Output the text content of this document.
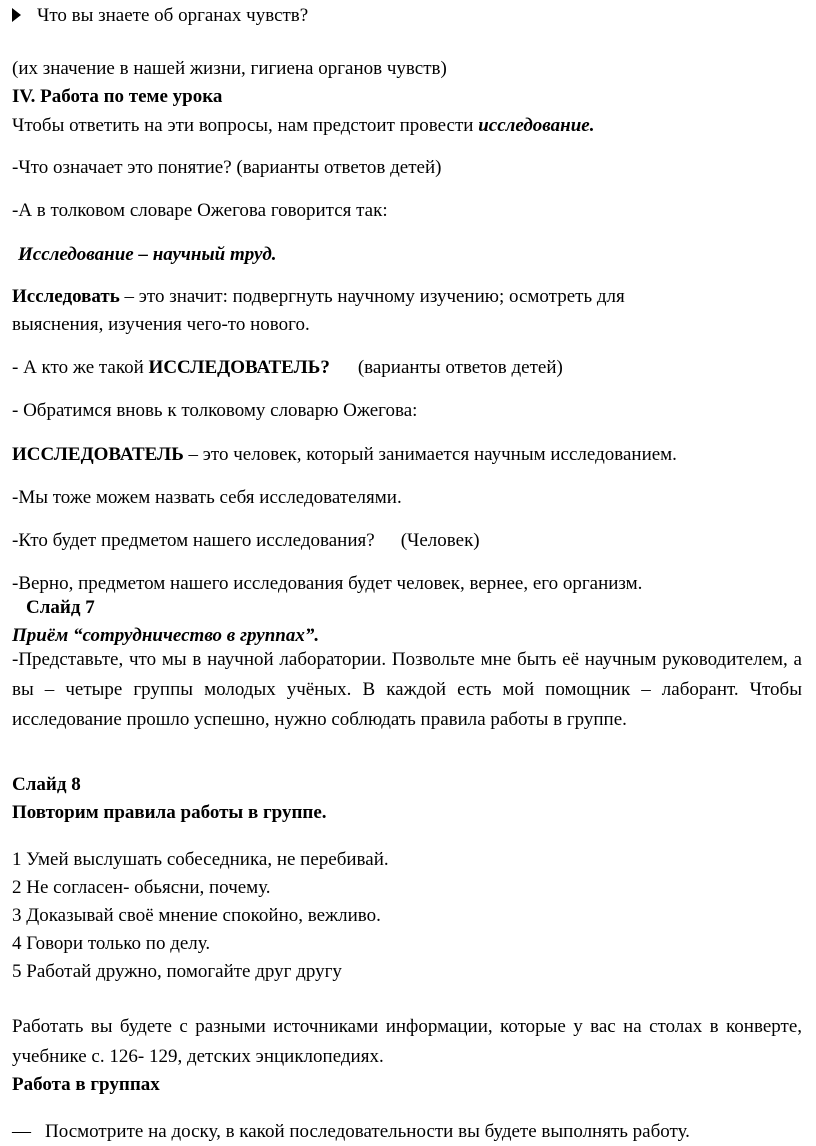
Что вы знаете об органах чувств?
(их значение в нашей жизни, гигиена органов чувств)
IV. Работа по теме урока
Чтобы ответить на эти вопросы, нам предстоит провести исследование.
-Что означает это понятие? (варианты ответов детей)
-А в толковом словаре Ожегова говорится так:
Исследование – научный труд.
Исследовать – это значит: подвергнуть научному изучению; осмотреть для
выяснения, изучения чего-то нового.
- А кто же такой ИССЛЕДОВАТЕЛЬ? (варианты ответов детей)
- Обратимся вновь к толковому словарю Ожегова:
ИССЛЕДОВАТЕЛЬ – это человек, который занимается научным исследованием.
-Мы тоже можем назвать себя исследователями.
-Кто будет предметом нашего исследования? (Человек)
-Верно, предметом нашего исследования будет человек, вернее, его организм.
Слайд 7
Приём “сотрудничество в группах”.
-Представьте, что мы в научной лаборатории. Позвольте мне быть её научным руководителем, а вы – четыре группы молодых учёных. В каждой есть мой помощник – лаборант. Чтобы исследование прошло успешно, нужно соблюдать правила работы в группе.
Слайд 8
Повторим правила работы в группе.
1 Умей выслушать собеседника, не перебивай.
2 Не согласен- обьясни, почему.
3 Доказывай своё мнение спокойно, вежливо.
4 Говори только по делу.
5 Работай дружно, помогайте друг другу
Работать вы будете с разными источниками информации, которые у вас на столах в конверте, учебнике с. 126- 129, детских энциклопедиях.
Работа в группах
— Посмотрите на доску, в какой последовательности вы будете выполнять работу.
